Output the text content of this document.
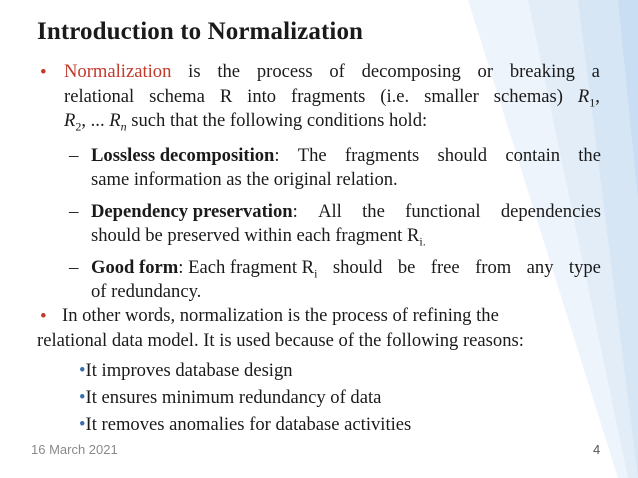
Introduction to Normalization
• Normalization is the process of decomposing or breaking a
relational schema R into fragments (i.e. smaller schemas) $R_1$,
$R_2$, ... $R_n$ such that the following conditions hold:
– Lossless decomposition: The fragments should contain the
same information as the original relation.
– Dependency preservation: All the functional dependencies
should be preserved within each fragment $R_{i.}$
– Good form: Each fragment $R_i$ should be free from any type
of redundancy.
• In other words, normalization is the process of refining the
relational data model. It is used because of the following reasons:
•It improves database design
•It ensures minimum redundancy of data
•It removes anomalies for database activities
16 March 2021	4
